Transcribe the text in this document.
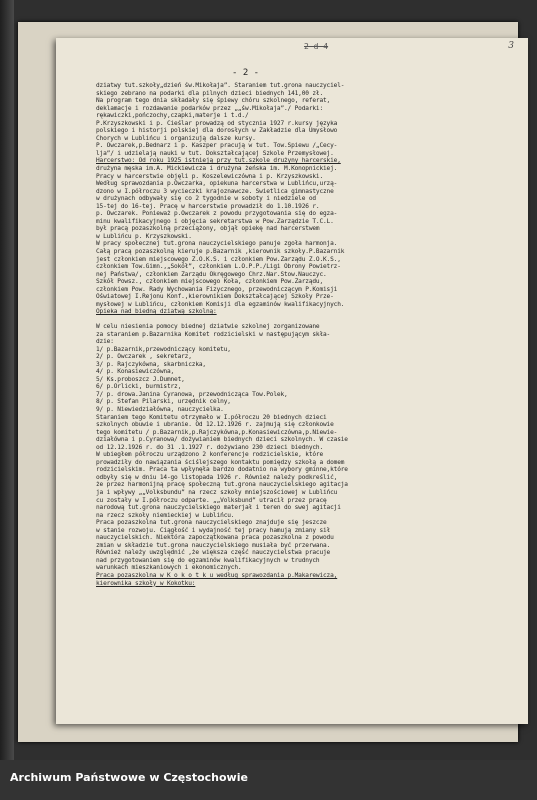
2 d 4	3
- 2 -

dziatwy tut.szkoły„dzień św.Mikołaja”. Staraniem tut.grona nauczyciel-

skiego zebrano na podarki dla pilnych dzieci biednych 141,00 zł.

Na program tego dnia składały się śpiewy chóru szkolnego, referat,

deklamacje i rozdawanie podarków przez „„św.Mikołaja”./ Podarki:

rękawiczki,pończochy,czapki,materje i t.d./

P.Krzyszkowski i p. Cieślar prowadzą od stycznia 1927 r.kursy języka

polskiego i historji polskiej dla dorosłych w Zakładzie dla Umysłowo

Chorych w Lublińcu i organizują dalsze kursy.

P. Owczarek,p.Bednarz i p. Kaszper pracują w tut. Tow.Śpiewu /„Cecy-

lja”/ i udzielają nauki w tut. Dokształcającej Szkole Przemysłowej.

Harcerstwo: Od roku 1925 istnieją przy tut.szkole drużyny harcerskie,

drużyna męska im.A. Mickiewicza i drużyna żeńska im. M.Konopnickiej.

Pracy w harcerstwie objęli p. Koszelewiczówna i p. Krzyszkowski.

Według sprawozdania p.Owczarka, opiekuna harcerstwa w Lublińcu,urzą-

dzono w I.półroczu 3 wycieczki krajoznawcze. Świetlica gimnastyczne

w drużynach odbywały się co 2 tygodnie w soboty i niedziele od

15-tej do 16-tej. Pracę w harcerstwie prowadził do 1.10.1926 r.

p. Owczarek. Ponieważ p.Owczarek z powodu przygotowania się do egza-

minu kwalifikacyjnego i objęcia sekretarstwa w Pow.Zarządzie T.C.L.

był pracą pozaszkolną przeciążony, objął opiekę nad harcerstwem

w Lublińcu p. Krzyszkowski.

W pracy społecznej tut.grona nauczycielskiego panuje zgoła harmonja.

Całą pracą pozaszkolną kieruje p.Bazarnik ,kierownik szkoły.P.Bazarnik

jest członkiem miejscowego Z.O.K.S. i członkiem Pow.Zarządu Z.O.K.S.,

członkiem Tow.Gimn.,„Sokół”, członkiem L.O.P.P./Ligi Obrony Powietrz-

nej Państwa/, członkiem Zarządu Okręgowego Chrz.Nar.Stow.Nauczyc.

Szkół Powsz., członkiem miejscowego Koła, członkiem Pow.Zarządu,

członkiem Pow. Rady Wychowania Fizycznego, przewodniczącym P.Komisji

Oświatowej I.Rejonu Konf.,kierownikiem Dokształcającej Szkoły Prze-

mysłowej w Lublińcu, członkiem Komisji dla egzaminów kwalifikacyjnych.

Opieka nad biedną dziatwą szkolną:

W celu niesienia pomocy biednej dziatwie szkolnej zorganizowane

za staraniem p.Bazarnika Komitet rodzicielski w następującym skła-

dzie:

1/ p.Bazarnik,przewodniczący komitetu,

2/ p. Owczarek , sekretarz,

3/ p. Rajczykówna, skarbniczka,

4/ p. Konasiewiczówna,

5/ Ks.proboszcz J.Dumnet,

6/ p.Orlicki, burmistrz,

7/ p. drowa.Janina Cyranowa, przewodnicząca Tow.Polek,

8/ p. Stefan Pilarski, urzędnik celny,

9/ p. Niewiedziałówna, nauczycielka.

Staraniem tego Komitetu otrzymało w I.półroczu 20 biednych dzieci

szkolnych obuwie i ubranie. Od 12.12.1926 r. zajmują się członkowie

tego komitetu / p.Bazarnik,p.Rajczykówna,p.Konasiewiczówna,p.Niewie-

działówna i p.Cyranowa/ dożywianiem biednych dzieci szkolnych. W czasie

od 12.12.1926 r. do 31 .1.1927 r. dożywiano 230 dzieci biednych.

W ubiegłem półroczu urządzono 2 konferencje rodzicielskie, które

prowadziły do nawiązania ściślejszego kontaktu pomiędzy szkołą a domem

rodzicielskim. Praca ta wpłynęła bardzo dodatnio na wybory gminne,które

odbyły się w dniu 14-go listopada 1926 r. Również należy podkreślić,

że przez harmonijną pracę społeczną tut.grona nauczycielskiego agitacja

ja i wpływy „„Volksbundu” na rzecz szkoły mniejszościowej w Lublińcu

cu zostały w I.półroczu odparte. „„Volksbund” utracił przez pracę

narodową tut.grona nauczycielskiego materjał i teren do swej agitacji

na rzecz szkoły niemieckiej w Lublińcu.

Praca pozaszkolna tut.grona nauczycielskiego znajduje się jeszcze

w stanie rozwoju. Ciągłość i wydajność tej pracy hamują zmiany sił

nauczycielskich. Niektóra zapoczątkowana praca pozaszkolna z powodu

zmian w składzie tut.grona nauczycielskiego musiała być przerwana.

Również należy uwzględnić ,że większa część nauczycielstwa pracuje

nad przygotowaniem się do egzaminów kwalifikacyjnych w trudnych

warunkach mieszkaniowych i ekonomicznych.

Praca pozaszkolna w K o k o t k u według sprawozdania p.Makarewicza,

kierownika szkoły w Kokotku:

Archiwum Państwowe w Częstochowie
